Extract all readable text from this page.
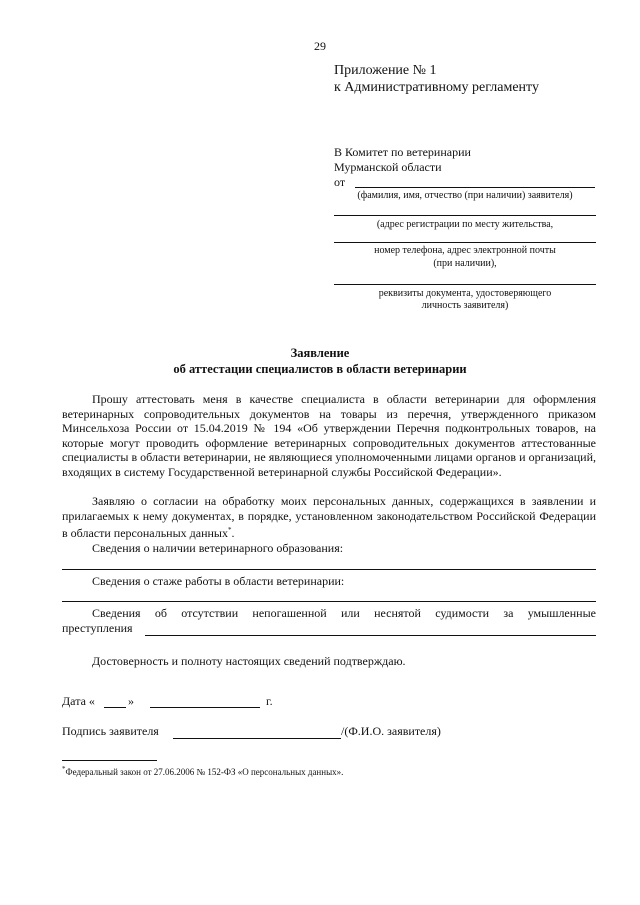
29
Приложение № 1
к Административному регламенту
В Комитет по ветеринарии
Мурманской области
от
(фамилия, имя, отчество (при наличии) заявителя)
(адрес регистрации по месту жительства,
номер телефона, адрес электронной почты
(при наличии),
реквизиты документа, удостоверяющего
личность заявителя)
Заявление
об аттестации специалистов в области ветеринарии
Прошу аттестовать меня в качестве специалиста в области ветеринарии для оформления ветеринарных сопроводительных документов на товары из перечня, утвержденного приказом Минсельхоза России от 15.04.2019 № 194 «Об утверждении Перечня подконтрольных товаров, на которые могут проводить оформление ветеринарных сопроводительных документов аттестованные специалисты в области ветеринарии, не являющиеся уполномоченными лицами органов и организаций, входящих в систему Государственной ветеринарной службы Российской Федерации».
Заявляю о согласии на обработку моих персональных данных, содержащихся в заявлении и прилагаемых к нему документах, в порядке, установленном законодательством Российской Федерации в области персональных данных*.
Сведения о наличии ветеринарного образования:
Сведения о стаже работы в области ветеринарии:
Сведения об отсутствии непогашенной или неснятой судимости за умышленные
преступления
Достоверность и полноту настоящих сведений подтверждаю.
Дата «	»	г.
Подпись заявителя	/(Ф.И.О. заявителя)
*Федеральный закон от 27.06.2006 № 152-ФЗ «О персональных данных».
